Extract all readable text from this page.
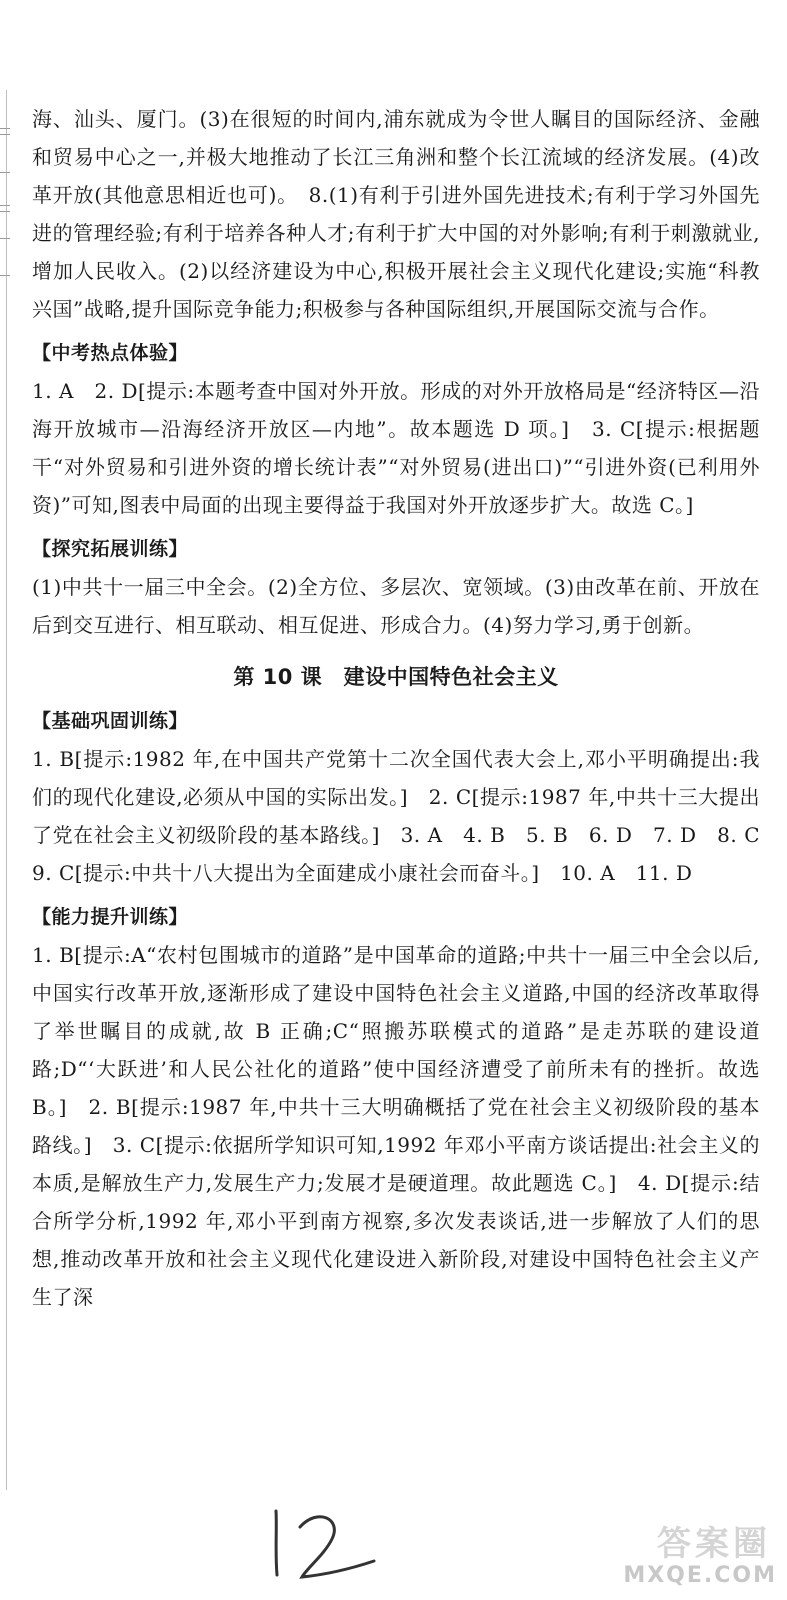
海、汕头、厦门。(3)在很短的时间内,浦东就成为令世人瞩目的国际经济、金融和贸易中心之一,并极大地推动了长江三角洲和整个长江流域的经济发展。(4)改革开放(其他意思相近也可)。　8.(1)有利于引进外国先进技术;有利于学习外国先进的管理经验;有利于培养各种人才;有利于扩大中国的对外影响;有利于刺激就业,增加人民收入。(2)以经济建设为中心,积极开展社会主义现代化建设;实施“科教兴国”战略,提升国际竞争能力;积极参与各种国际组织,开展国际交流与合作。

【中考热点体验】

1. A　2. D[提示:本题考查中国对外开放。形成的对外开放格局是“经济特区—沿海开放城市—沿海经济开放区—内地”。故本题选 D 项。]　3. C[提示:根据题干“对外贸易和引进外资的增长统计表”“对外贸易(进出口)”“引进外资(已利用外资)”可知,图表中局面的出现主要得益于我国对外开放逐步扩大。故选 C。]

【探究拓展训练】

(1)中共十一届三中全会。(2)全方位、多层次、宽领域。(3)由改革在前、开放在后到交互进行、相互联动、相互促进、形成合力。(4)努力学习,勇于创新。

第 10 课　建设中国特色社会主义
【基础巩固训练】

1. B[提示:1982 年,在中国共产党第十二次全国代表大会上,邓小平明确提出:我们的现代化建设,必须从中国的实际出发。]　2. C[提示:1987 年,中共十三大提出了党在社会主义初级阶段的基本路线。]　3. A　4. B　5. B　6. D　7. D　8. C　9. C[提示:中共十八大提出为全面建成小康社会而奋斗。]　10. A　11. D

【能力提升训练】

1. B[提示:A“农村包围城市的道路”是中国革命的道路;中共十一届三中全会以后,中国实行改革开放,逐渐形成了建设中国特色社会主义道路,中国的经济改革取得了举世瞩目的成就,故 B 正确;C“照搬苏联模式的道路”是走苏联的建设道路;D“‘大跃进’和人民公社化的道路”使中国经济遭受了前所未有的挫折。故选 B。]　2. B[提示:1987 年,中共十三大明确概括了党在社会主义初级阶段的基本路线。]　3. C[提示:依据所学知识可知,1992 年邓小平南方谈话提出:社会主义的本质,是解放生产力,发展生产力;发展才是硬道理。故此题选 C。]　4. D[提示:结合所学分析,1992 年,邓小平到南方视察,多次发表谈话,进一步解放了人们的思想,推动改革开放和社会主义现代化建设进入新阶段,对建设中国特色社会主义产生了深

答案圈
MXQE.COM
